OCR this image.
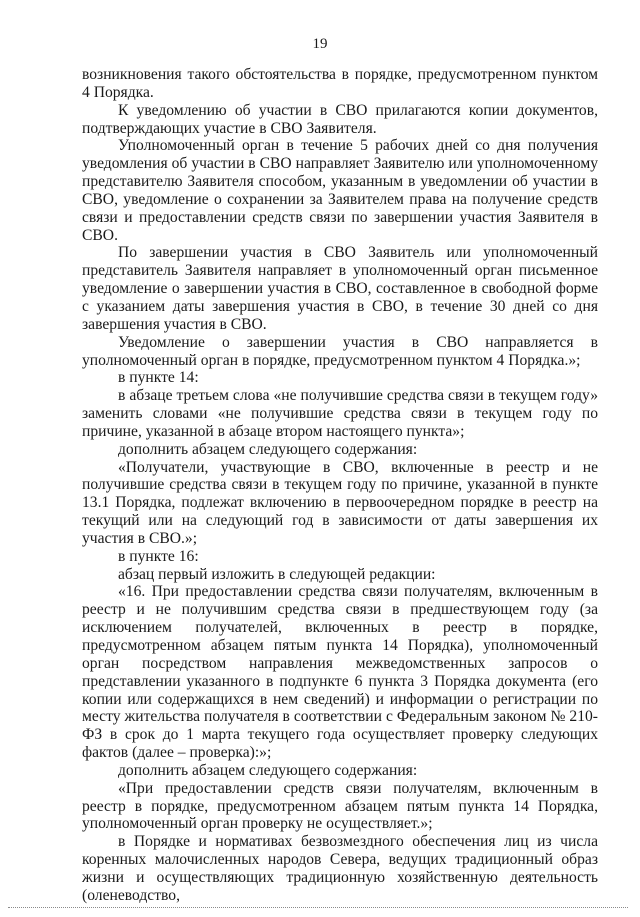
19

возникновения такого обстоятельства в порядке, предусмотренном пунктом 4 Порядка.

К уведомлению об участии в СВО прилагаются копии документов, подтверждающих участие в СВО Заявителя.

Уполномоченный орган в течение 5 рабочих дней со дня получения уведомления об участии в СВО направляет Заявителю или уполномоченному представителю Заявителя способом, указанным в уведомлении об участии в СВО, уведомление о сохранении за Заявителем права на получение средств связи и предоставлении средств связи по завершении участия Заявителя в СВО.

По завершении участия в СВО Заявитель или уполномоченный представитель Заявителя направляет в уполномоченный орган письменное уведомление о завершении участия в СВО, составленное в свободной форме с указанием даты завершения участия в СВО, в течение 30 дней со дня завершения участия в СВО.

Уведомление о завершении участия в СВО направляется в уполномоченный орган в порядке, предусмотренном пунктом 4 Порядка.»;

в пункте 14:

в абзаце третьем слова «не получившие средства связи в текущем году» заменить словами «не получившие средства связи в текущем году по причине, указанной в абзаце втором настоящего пункта»;

дополнить абзацем следующего содержания:

«Получатели, участвующие в СВО, включенные в реестр и не получившие средства связи в текущем году по причине, указанной в пункте 13.1 Порядка, подлежат включению в первоочередном порядке в реестр на текущий или на следующий год в зависимости от даты завершения их участия в СВО.»;

в пункте 16:

абзац первый изложить в следующей редакции:

«16. При предоставлении средства связи получателям, включенным в реестр и не получившим средства связи в предшествующем году (за исключением получателей, включенных в реестр в порядке, предусмотренном абзацем пятым пункта 14 Порядка), уполномоченный орган посредством направления межведомственных запросов о представлении указанного в подпункте 6 пункта 3 Порядка документа (его копии или содержащихся в нем сведений) и информации о регистрации по месту жительства получателя в соответствии с Федеральным законом № 210-ФЗ в срок до 1 марта текущего года осуществляет проверку следующих фактов (далее – проверка):»;

дополнить абзацем следующего содержания:

«При предоставлении средств связи получателям, включенным в реестр в порядке, предусмотренном абзацем пятым пункта 14 Порядка, уполномоченный орган проверку не осуществляет.»;

в Порядке и нормативах безвозмездного обеспечения лиц из числа коренных малочисленных народов Севера, ведущих традиционный образ жизни и осуществляющих традиционную хозяйственную деятельность (оленеводство,
